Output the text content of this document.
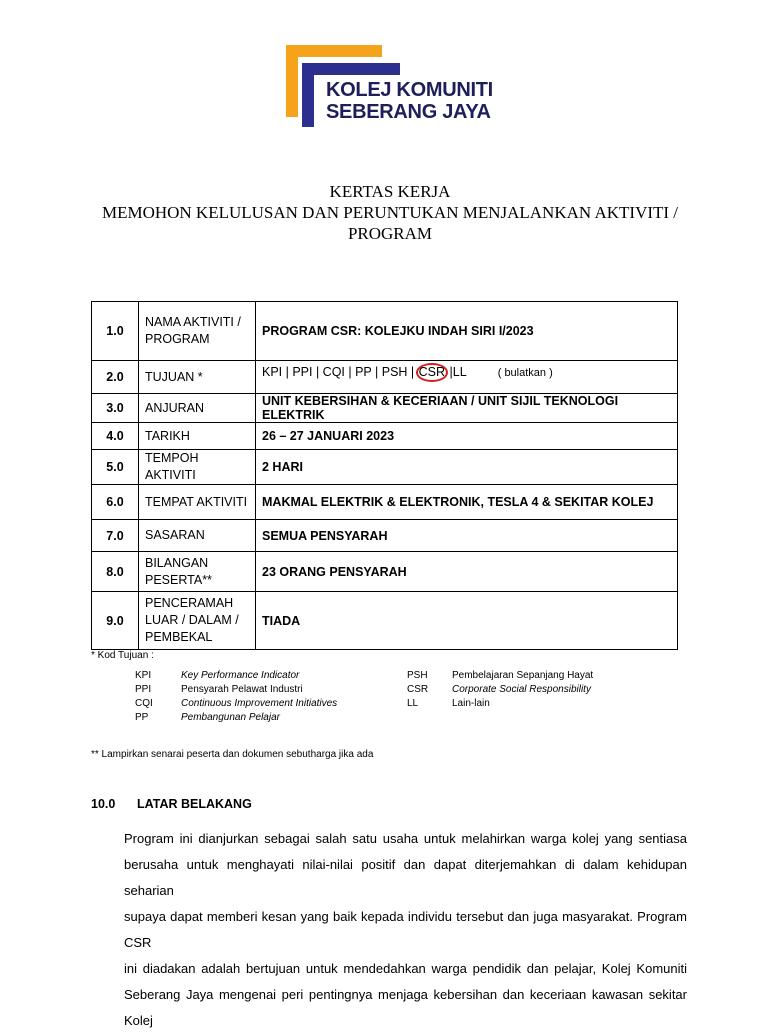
KOLEJ KOMUNITI
SEBERANG JAYA
KERTAS KERJA
MEMOHON KELULUSAN DAN PERUNTUKAN MENJALANKAN AKTIVITI /
PROGRAM
1.0	NAMA AKTIVITI / PROGRAM	PROGRAM CSR: KOLEJKU INDAH SIRI I/2023
2.0	TUJUAN *	KPI | PPI | CQI | PP | PSH | CSR |LL ( bulatkan )
3.0	ANJURAN	UNIT KEBERSIHAN & KECERIAAN / UNIT SIJIL TEKNOLOGI ELEKTRIK
4.0	TARIKH	26 – 27 JANUARI 2023
5.0	TEMPOH AKTIVITI	2 HARI
6.0	TEMPAT AKTIVITI	MAKMAL ELEKTRIK & ELEKTRONIK, TESLA 4 & SEKITAR KOLEJ
7.0	SASARAN	SEMUA PENSYARAH
8.0	BILANGAN PESERTA**	23 ORANG PENSYARAH
9.0	PENCERAMAH LUAR / DALAM / PEMBEKAL	TIADA
* Kod Tujuan :
KPI	Key Performance Indicator
PPI	Pensyarah Pelawat Industri
CQI	Continuous Improvement Initiatives
PP	Pembangunan Pelajar
PSH Pembelajaran Sepanjang Hayat
CSR Corporate Social Responsibility
LL	Lain-lain
** Lampirkan senarai peserta dan dokumen sebutharga jika ada
10.0 LATAR BELAKANG
Program ini dianjurkan sebagai salah satu usaha untuk melahirkan warga kolej yang sentiasa
berusaha untuk menghayati nilai-nilai positif dan dapat diterjemahkan di dalam kehidupan seharian
supaya dapat memberi kesan yang baik kepada individu tersebut dan juga masyarakat. Program CSR
ini diadakan adalah bertujuan untuk mendedahkan warga pendidik dan pelajar, Kolej Komuniti
Seberang Jaya mengenai peri pentingnya menjaga kebersihan dan keceriaan kawasan sekitar Kolej
